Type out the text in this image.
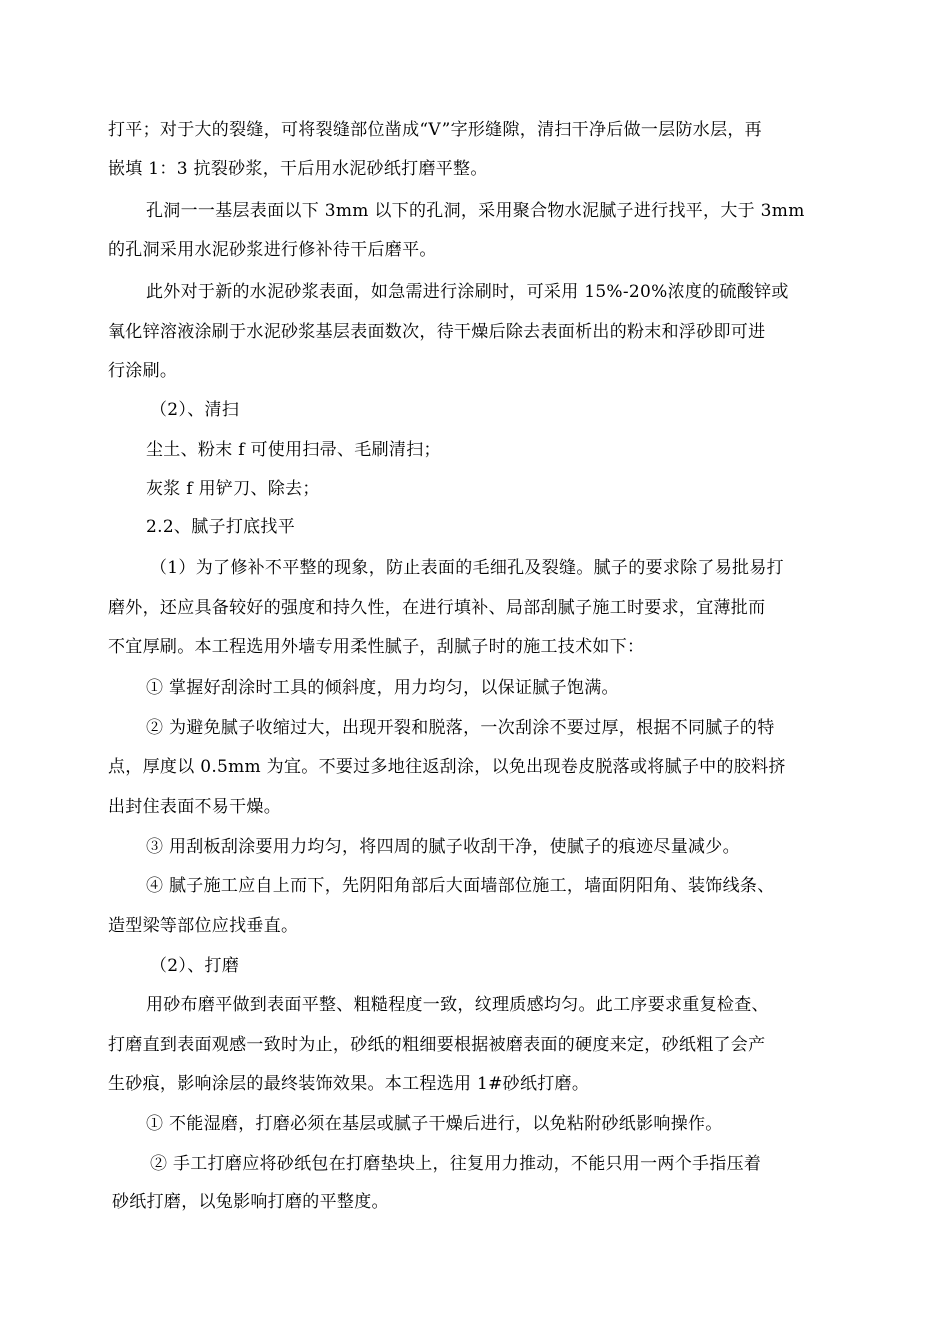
打平；对于大的裂缝，可将裂缝部位凿成“V”字形缝隙，清扫干净后做一层防水层，再
嵌填 1：3 抗裂砂浆，干后用水泥砂纸打磨平整。
孔洞一一基层表面以下 3mm 以下的孔洞，采用聚合物水泥腻子进行找平，大于 3mm
的孔洞采用水泥砂浆进行修补待干后磨平。
此外对于新的水泥砂浆表面，如急需进行涂刷时，可采用 15%-20%浓度的硫酸锌或
氧化锌溶液涂刷于水泥砂浆基层表面数次，待干燥后除去表面析出的粉末和浮砂即可进
行涂刷。
（2）、清扫
尘土、粉末 f 可使用扫帚、毛刷清扫；
灰浆 f 用铲刀、除去；
2.2、腻子打底找平
（1）为了修补不平整的现象，防止表面的毛细孔及裂缝。腻子的要求除了易批易打
磨外，还应具备较好的强度和持久性，在进行填补、局部刮腻子施工时要求，宜薄批而
不宜厚刷。本工程选用外墙专用柔性腻子，刮腻子时的施工技术如下：
① 掌握好刮涂时工具的倾斜度，用力均匀，以保证腻子饱满。
② 为避免腻子收缩过大，出现开裂和脱落，一次刮涂不要过厚，根据不同腻子的特
点，厚度以 0.5mm 为宜。不要过多地往返刮涂，以免出现卷皮脱落或将腻子中的胶料挤
出封住表面不易干燥。
③ 用刮板刮涂要用力均匀，将四周的腻子收刮干净，使腻子的痕迹尽量减少。
④ 腻子施工应自上而下，先阴阳角部后大面墙部位施工，墙面阴阳角、装饰线条、
造型梁等部位应找垂直。
（2）、打磨
用砂布磨平做到表面平整、粗糙程度一致，纹理质感均匀。此工序要求重复检查、
打磨直到表面观感一致时为止，砂纸的粗细要根据被磨表面的硬度来定，砂纸粗了会产
生砂痕，影响涂层的最终装饰效果。本工程选用 1#砂纸打磨。
① 不能湿磨，打磨必须在基层或腻子干燥后进行，以免粘附砂纸影响操作。
② 手工打磨应将砂纸包在打磨垫块上，往复用力推动，不能只用一两个手指压着
砂纸打磨，以兔影响打磨的平整度。
